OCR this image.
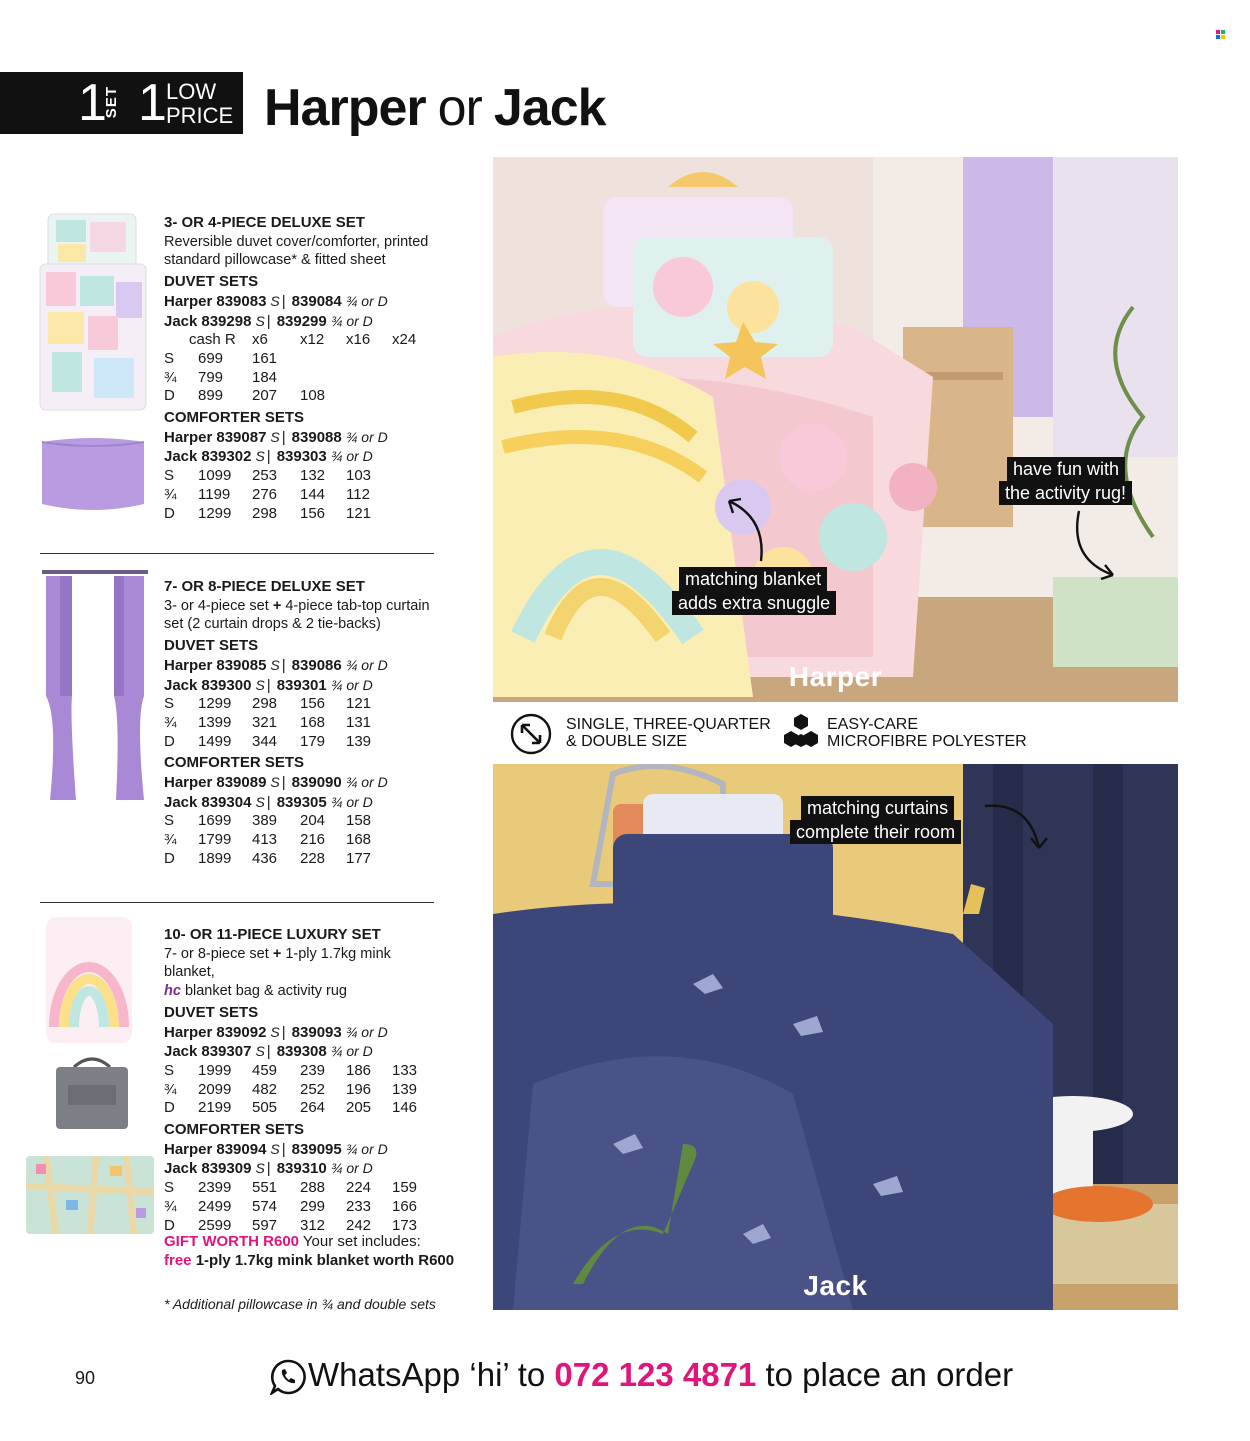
1
SET 1 LOW
PRICE Harper or Jack
3- OR 4-PIECE DELUXE SET
Reversible duvet cover/comforter, printed standard pillowcase* & fitted sheet
DUVET SETS
Harper 839083 S | 839084 ¾ or D
Jack 839298 S | 839299 ¾ or D
cash R	x6	x12	x16	x24
S	699	161
¾	799	184
D	899	207	108
COMFORTER SETS
Harper 839087 S | 839088 ¾ or D
Jack 839302 S | 839303 ¾ or D
S	1099	253	132	103
¾	1199	276	144	112
D	1299	298	156	121
7- OR 8-PIECE DELUXE SET
3- or 4-piece set + 4-piece tab-top curtain set (2 curtain drops & 2 tie-backs)
DUVET SETS
Harper 839085 S | 839086 ¾ or D
Jack 839300 S | 839301 ¾ or D
S	1299	298	156	121
¾	1399	321	168	131
D	1499	344	179	139
COMFORTER SETS
Harper 839089 S | 839090 ¾ or D
Jack 839304 S | 839305 ¾ or D
S	1699	389	204	158
¾	1799	413	216	168
D	1899	436	228	177
10- OR 11-PIECE LUXURY SET
7- or 8-piece set + 1-ply 1.7kg mink blanket,
hc blanket bag & activity rug
DUVET SETS
Harper 839092 S | 839093 ¾ or D
Jack 839307 S | 839308 ¾ or D
S	1999	459	239	186	133
¾	2099	482	252	196	139
D	2199	505	264	205	146
COMFORTER SETS
Harper 839094 S | 839095 ¾ or D
Jack 839309 S | 839310 ¾ or D
S	2399	551	288	224	159
¾	2499	574	299	233	166
D	2599	597	312	242	173
GIFT WORTH R600 Your set includes:
free 1-ply 1.7kg mink blanket worth R600
* Additional pillowcase in ¾ and double sets
have fun with
the activity rug!
matching blanket
adds extra snuggle
Harper
SINGLE, THREE-QUARTER
& DOUBLE SIZE
EASY-CARE
MICROFIBRE POLYESTER
matching curtains
complete their room
Jack
90	WhatsApp ‘hi’ to 072 123 4871 to place an order
